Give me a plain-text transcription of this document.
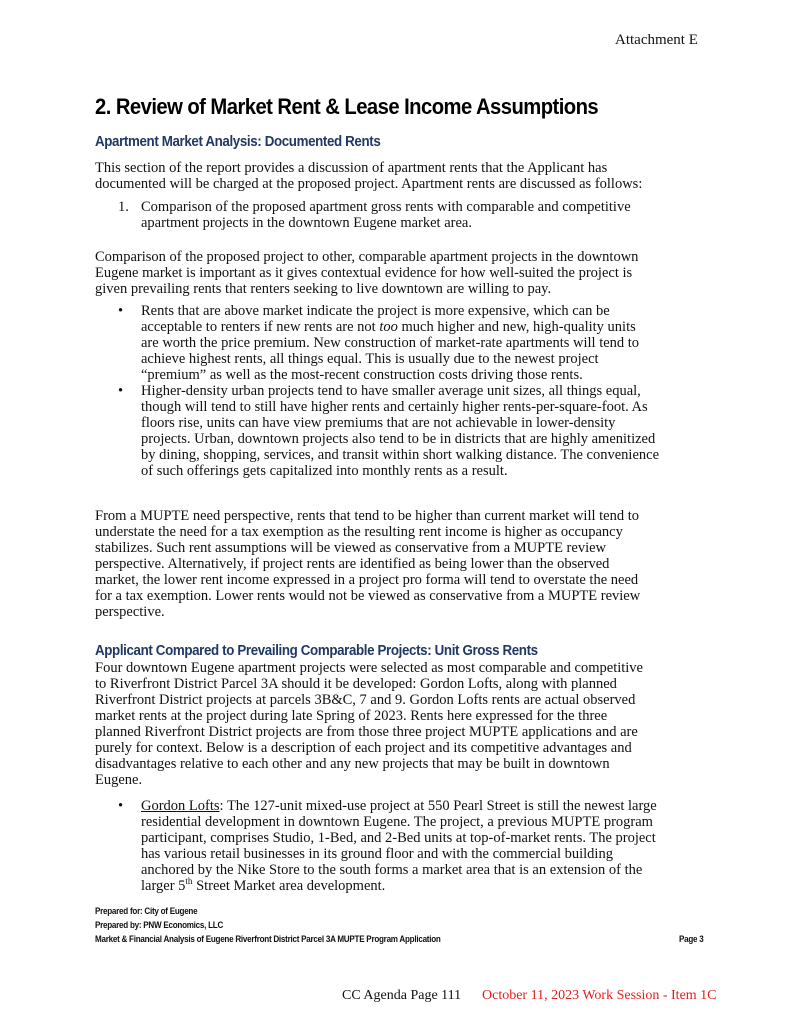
Attachment E
2. Review of Market Rent & Lease Income Assumptions
Apartment Market Analysis: Documented Rents
This section of the report provides a discussion of apartment rents that the Applicant has
documented will be charged at the proposed project. Apartment rents are discussed as follows:
1. Comparison of the proposed apartment gross rents with comparable and competitive
apartment projects in the downtown Eugene market area.
Comparison of the proposed project to other, comparable apartment projects in the downtown
Eugene market is important as it gives contextual evidence for how well-suited the project is
given prevailing rents that renters seeking to live downtown are willing to pay.
• Rents that are above market indicate the project is more expensive, which can be
acceptable to renters if new rents are not too much higher and new, high-quality units
are worth the price premium. New construction of market-rate apartments will tend to
achieve highest rents, all things equal. This is usually due to the newest project
“premium” as well as the most-recent construction costs driving those rents.
• Higher-density urban projects tend to have smaller average unit sizes, all things equal,
though will tend to still have higher rents and certainly higher rents-per-square-foot. As
floors rise, units can have view premiums that are not achievable in lower-density
projects. Urban, downtown projects also tend to be in districts that are highly amenitized
by dining, shopping, services, and transit within short walking distance. The convenience
of such offerings gets capitalized into monthly rents as a result.
From a MUPTE need perspective, rents that tend to be higher than current market will tend to
understate the need for a tax exemption as the resulting rent income is higher as occupancy
stabilizes. Such rent assumptions will be viewed as conservative from a MUPTE review
perspective. Alternatively, if project rents are identified as being lower than the observed
market, the lower rent income expressed in a project pro forma will tend to overstate the need
for a tax exemption. Lower rents would not be viewed as conservative from a MUPTE review
perspective.
Applicant Compared to Prevailing Comparable Projects: Unit Gross Rents
Four downtown Eugene apartment projects were selected as most comparable and competitive
to Riverfront District Parcel 3A should it be developed: Gordon Lofts, along with planned
Riverfront District projects at parcels 3B&C, 7 and 9. Gordon Lofts rents are actual observed
market rents at the project during late Spring of 2023. Rents here expressed for the three
planned Riverfront District projects are from those three project MUPTE applications and are
purely for context. Below is a description of each project and its competitive advantages and
disadvantages relative to each other and any new projects that may be built in downtown
Eugene.
• Gordon Lofts: The 127-unit mixed-use project at 550 Pearl Street is still the newest large
residential development in downtown Eugene. The project, a previous MUPTE program
participant, comprises Studio, 1-Bed, and 2-Bed units at top-of-market rents. The project
has various retail businesses in its ground floor and with the commercial building
anchored by the Nike Store to the south forms a market area that is an extension of the
larger 5th Street Market area development.
Prepared for: City of Eugene
Prepared by: PNW Economics, LLC
Market & Financial Analysis of Eugene Riverfront District Parcel 3A MUPTE Program Application	Page 3
CC Agenda Page 111 October 11, 2023 Work Session - Item 1C
